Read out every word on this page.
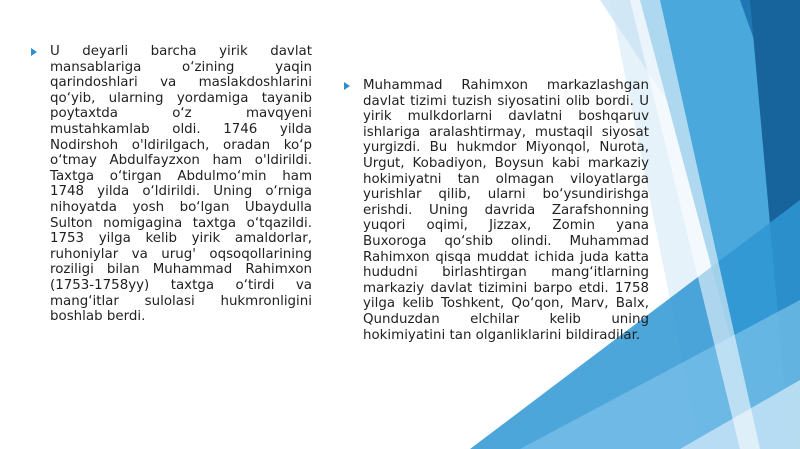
U deyarli barcha yirik davlat mansablariga o‘zining yaqin qarindoshlari va maslakdoshlarini qo‘yib, ularning yordamiga tayanib poytaxtda o‘z mavqyeni mustahkamlab oldi. 1746 yilda Nodirshoh o'ldirilgach, oradan ko‘p o‘tmay Abdulfayzxon ham o'ldirildi. Taxtga o‘tirgan Abdulmo‘min ham 1748 yilda o‘ldirildi. Uning o‘rniga nihoyatda yosh bo‘lgan Ubaydulla Sulton nomigagina taxtga o‘tqazildi. 1753 yilga kelib yirik amaldorlar, ruhoniylar va urug' oqsoqollarining roziligi bilan Muhammad Rahimxon (1753-1758yy) taxtga o‘tirdi va mang‘itlar sulolasi hukmronligini boshlab berdi.
Muhammad Rahimxon markazlashgan davlat tizimi tuzish siyosatini olib bordi. U yirik mulkdorlarni davlatni boshqaruv ishlariga aralashtirmay, mustaqil siyosat yurgizdi. Bu hukmdor Miyonqol, Nurota, Urgut, Kobadiyon, Boysun kabi markaziy hokimiyatni tan olmagan viloyatlarga yurishlar qilib, ularni bo‘ysundirishga erishdi. Uning davrida Zarafshonning yuqori oqimi, Jizzax, Zomin yana Buxoroga qo‘shib olindi. Muhammad Rahimxon qisqa muddat ichida juda katta hududni birlashtirgan mang‘itlarning markaziy davlat tizimini barpo etdi. 1758 yilga kelib Toshkent, Qo‘qon, Marv, Balx, Qunduzdan elchilar kelib uning hokimiyatini tan olganliklarini bildiradilar.
